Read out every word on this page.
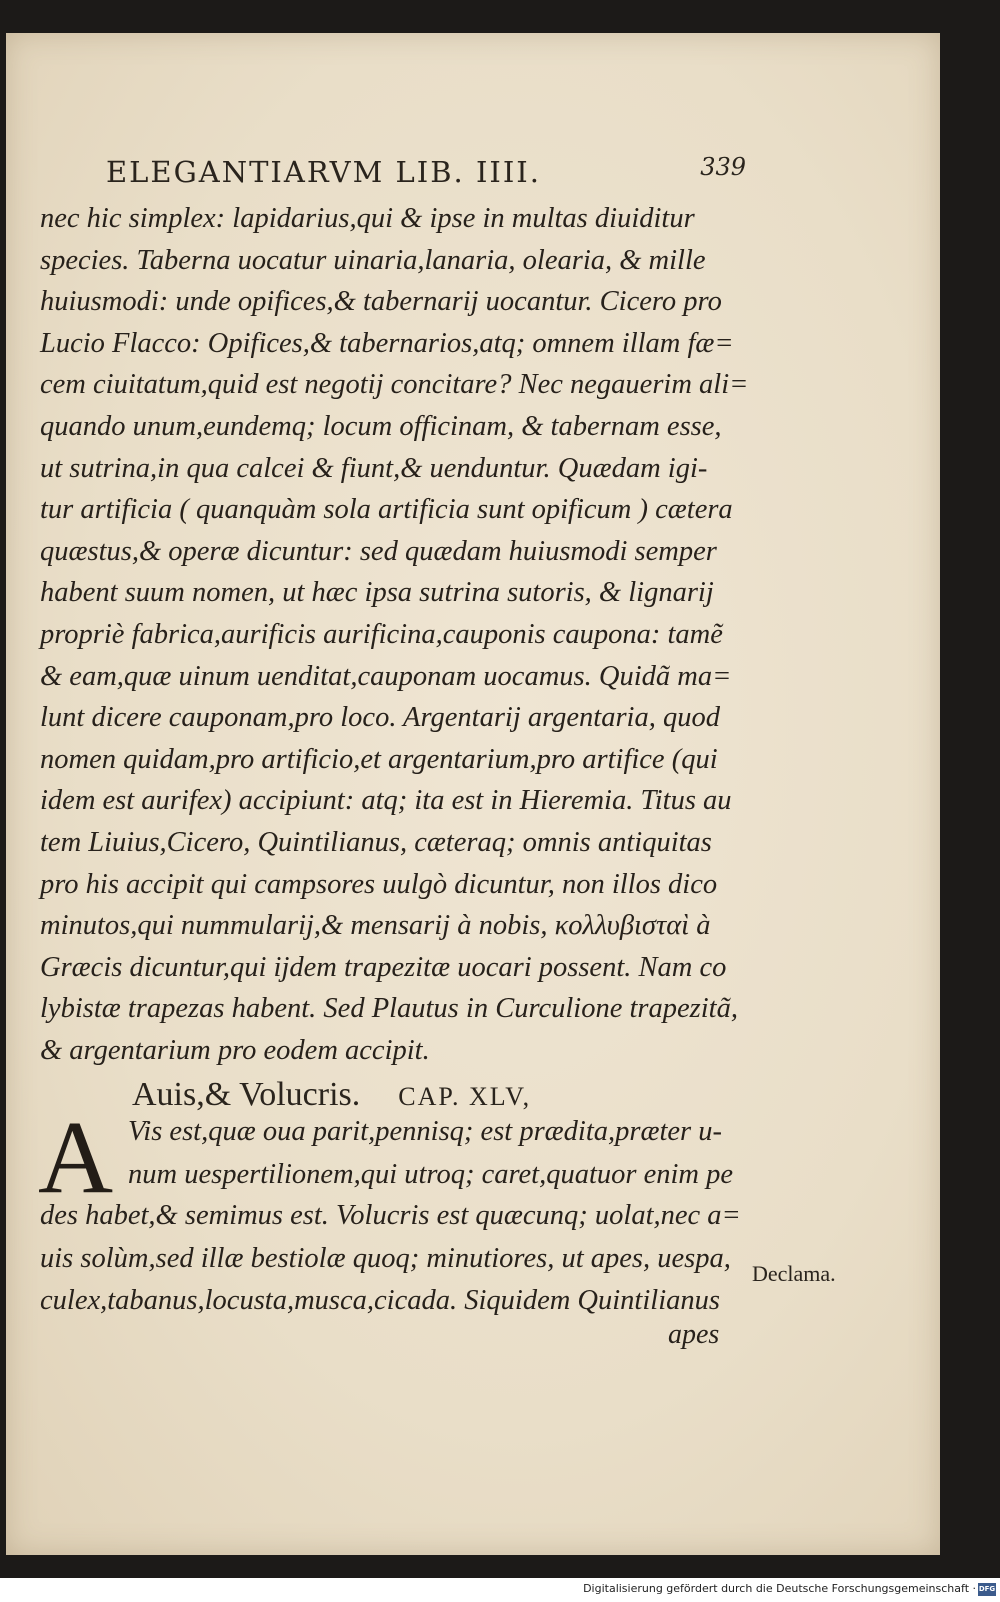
ELEGANTIARVM LIB. IIII.	339
nec hic simplex: lapidarius,qui & ipse in multas diuiditur
species. Taberna uocatur uinaria,lanaria, olearia, & mille
huiusmodi: unde opifices,& tabernarij uocantur. Cicero pro
Lucio Flacco: Opifices,& tabernarios,atq; omnem illam fæ=
cem ciuitatum,quid est negotij concitare? Nec negauerim ali=
quando unum,eundemq; locum officinam, & tabernam esse,
ut sutrina,in qua calcei & fiunt,& uenduntur. Quædam igi-
tur artificia ( quanquàm sola artificia sunt opificum ) cætera
quæstus,& operæ dicuntur: sed quædam huiusmodi semper
habent suum nomen, ut hæc ipsa sutrina sutoris, & lignarij
propriè fabrica,aurificis aurificina,cauponis caupona: tamẽ
& eam,quæ uinum uenditat,cauponam uocamus. Quidã ma=
lunt dicere cauponam,pro loco. Argentarij argentaria, quod
nomen quidam,pro artificio,et argentarium,pro artifice (qui
idem est aurifex) accipiunt: atq; ita est in Hieremia. Titus au
tem Liuius,Cicero, Quintilianus, cæteraq; omnis antiquitas
pro his accipit qui campsores uulgò dicuntur, non illos dico
minutos,qui nummularij,& mensarij à nobis, κολλυβισταὶ à
Græcis dicuntur,qui ijdem trapezitæ uocari possent. Nam co
lybistæ trapezas habent. Sed Plautus in Curculione trapezitã,
& argentarium pro eodem accipit.
Auis,& Volucris. CAP. XLV,
A Vis est,quæ oua parit,pennisq; est prædita,præter u-
num uespertilionem,qui utroq; caret,quatuor enim pe
des habet,& semimus est. Volucris est quæcunq; uolat,nec a=
uis solùm,sed illæ bestiolæ quoq; minutiores, ut apes, uespa,
culex,tabanus,locusta,musca,cicada. Siquidem Quintilianus
Declama.
apes
Digitalisierung gefördert durch die Deutsche Forschungsgemeinschaft · DFG
